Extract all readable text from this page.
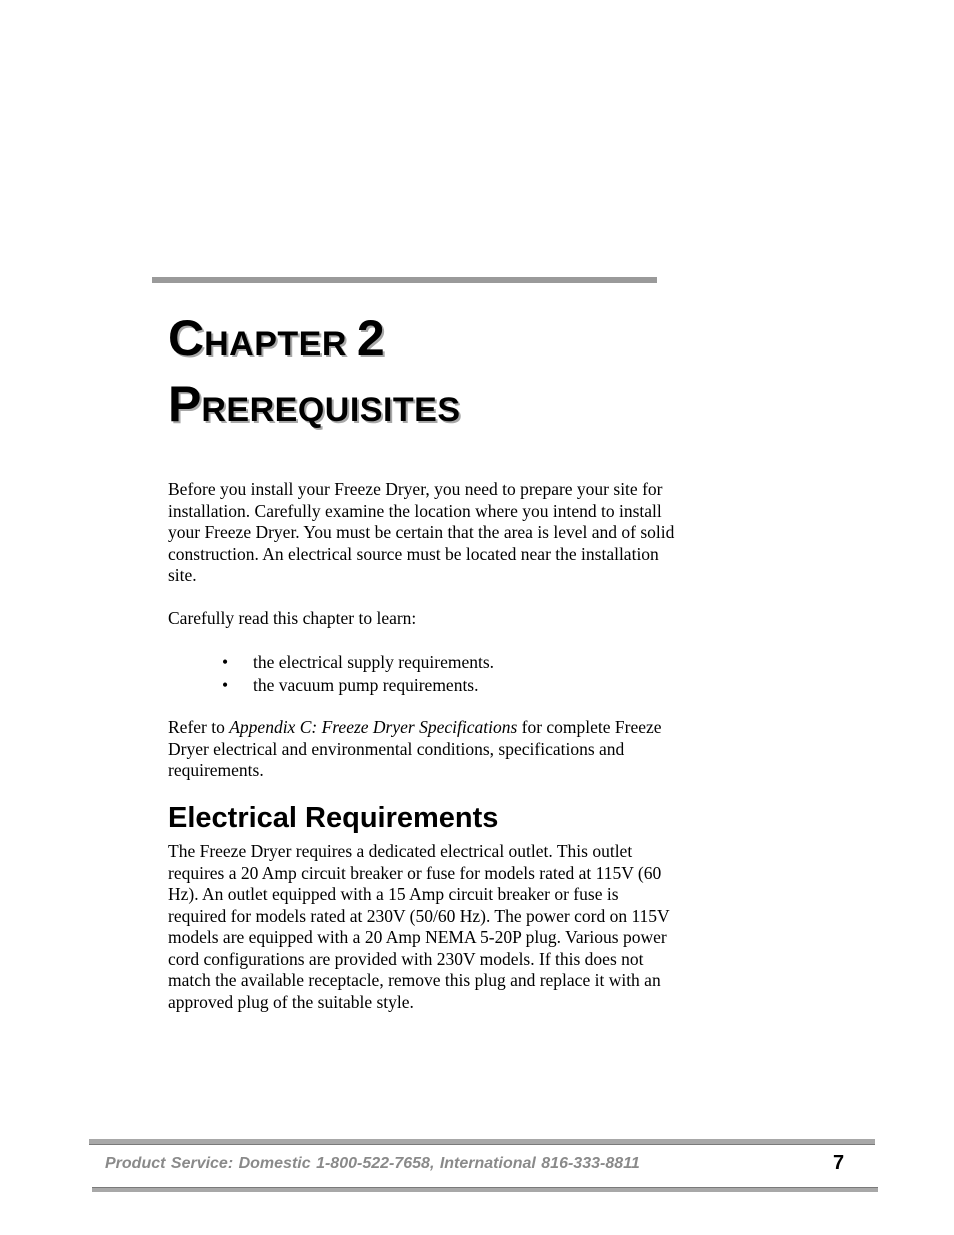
CHAPTER 2
PREREQUISITES

Before you install your Freeze Dryer, you need to prepare your site for installation. Carefully examine the location where you intend to install your Freeze Dryer. You must be certain that the area is level and of solid construction. An electrical source must be located near the installation site.

Carefully read this chapter to learn:

• the electrical supply requirements.
• the vacuum pump requirements.

Refer to Appendix C: Freeze Dryer Specifications for complete Freeze Dryer electrical and environmental conditions, specifications and requirements.

Electrical Requirements

The Freeze Dryer requires a dedicated electrical outlet. This outlet requires a 20 Amp circuit breaker or fuse for models rated at 115V (60 Hz). An outlet equipped with a 15 Amp circuit breaker or fuse is required for models rated at 230V (50/60 Hz). The power cord on 115V models are equipped with a 20 Amp NEMA 5-20P plug. Various power cord configurations are provided with 230V models. If this does not match the available receptacle, remove this plug and replace it with an approved plug of the suitable style.

Product Service: Domestic 1-800-522-7658, International 816-333-8811	7
